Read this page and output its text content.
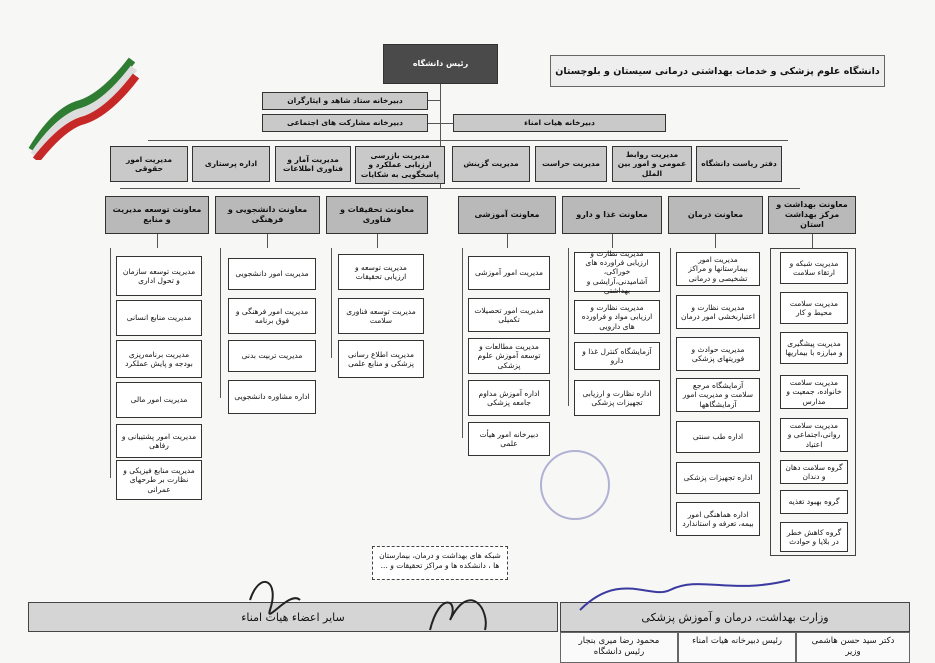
دانشگاه علوم پزشکی و خدمات بهداشتی درمانی سیستان و بلوچستان
رئیس دانشگاه
دبیرخانه ستاد شاهد و ایثارگران
دبیرخانه مشارکت های اجتماعی	دبیرخانه هیات امناء
دفتر ریاست دانشگاه
مدیریت روابط عمومی و امور بین الملل
مدیریت حراست
مدیریت گزینش
مدیریت بازرسی ارزیابی عملکرد و پاسخگویی به شکایات
مدیریت آمار و فناوری اطلاعات
اداره پرستاری
مدیریت امور حقوقی
معاونت بهداشت و مرکز بهداشت استان
معاونت درمان
معاونت غذا و دارو
معاونت آموزشی
معاونت تحقیقات و فناوری
معاونت دانشجویی و فرهنگی
معاونت توسعه مدیریت و منابع
مدیریت شبکه و ارتقاء سلامت
مدیریت سلامت محیط و کار
مدیریت پیشگیری و مبارزه با بیماریها
مدیریت سلامت خانواده، جمعیت و مدارس
مدیریت سلامت روانی،اجتماعی و اعتیاد
گروه سلامت دهان و دندان
گروه بهبود تغذیه
گروه کاهش خطر در بلایا و حوادث
مدیریت امور بیمارستانها و مراکز تشخیصی و درمانی
مدیریت نظارت و اعتباربخشی امور درمان
مدیریت حوادث و فوریتهای پزشکی
آزمایشگاه مرجع سلامت و مدیریت امور آزمایشگاهها
اداره طب سنتی
اداره تجهیزات پزشکی
اداره هماهنگی امور بیمه، تعرفه و استاندارد
مدیریت نظارت و ارزیابی فراورده های خوراکی، آشامیدنی،آرایشی و بهداشتی
مدیریت نظارت و ارزیابی مواد و فراورده های دارویی
آزمایشگاه کنترل غذا و دارو
اداره نظارت و ارزیابی تجهیزات پزشکی
مدیریت امور آموزشی
مدیریت امور تحصیلات تکمیلی
مدیریت مطالعات و توسعه آموزش علوم پزشکی
اداره آموزش مداوم جامعه پزشکی
دبیرخانه امور هیأت علمی
مدیریت توسعه و ارزیابی تحقیقات
مدیریت توسعه فناوری سلامت
مدیریت اطلاع رسانی پزشکی و منابع علمی
مدیریت امور دانشجویی
مدیریت امور فرهنگی و فوق برنامه
مدیریت تربیت بدنی
اداره مشاوره دانشجویی
مدیریت توسعه سازمان و تحول اداری
مدیریت منابع انسانی
مدیریت برنامه‌ریزی بودجه و پایش عملکرد
مدیریت امور مالی
مدیریت امور پشتیبانی و رفاهی
مدیریت منابع فیزیکی و نظارت بر طرحهای عمرانی
شبکه های بهداشت و درمان، بیمارستان ها ، دانشکده ها و مراکز تحقیقات و ...
وزارت بهداشت، درمان و آموزش پزشکی
سایر اعضاء هیات امناء
دکتر سید حسن هاشمی
وزیر
رئیس دبیرخانه هیات امناء
محمود رضا میری بنجار
رئیس دانشگاه
